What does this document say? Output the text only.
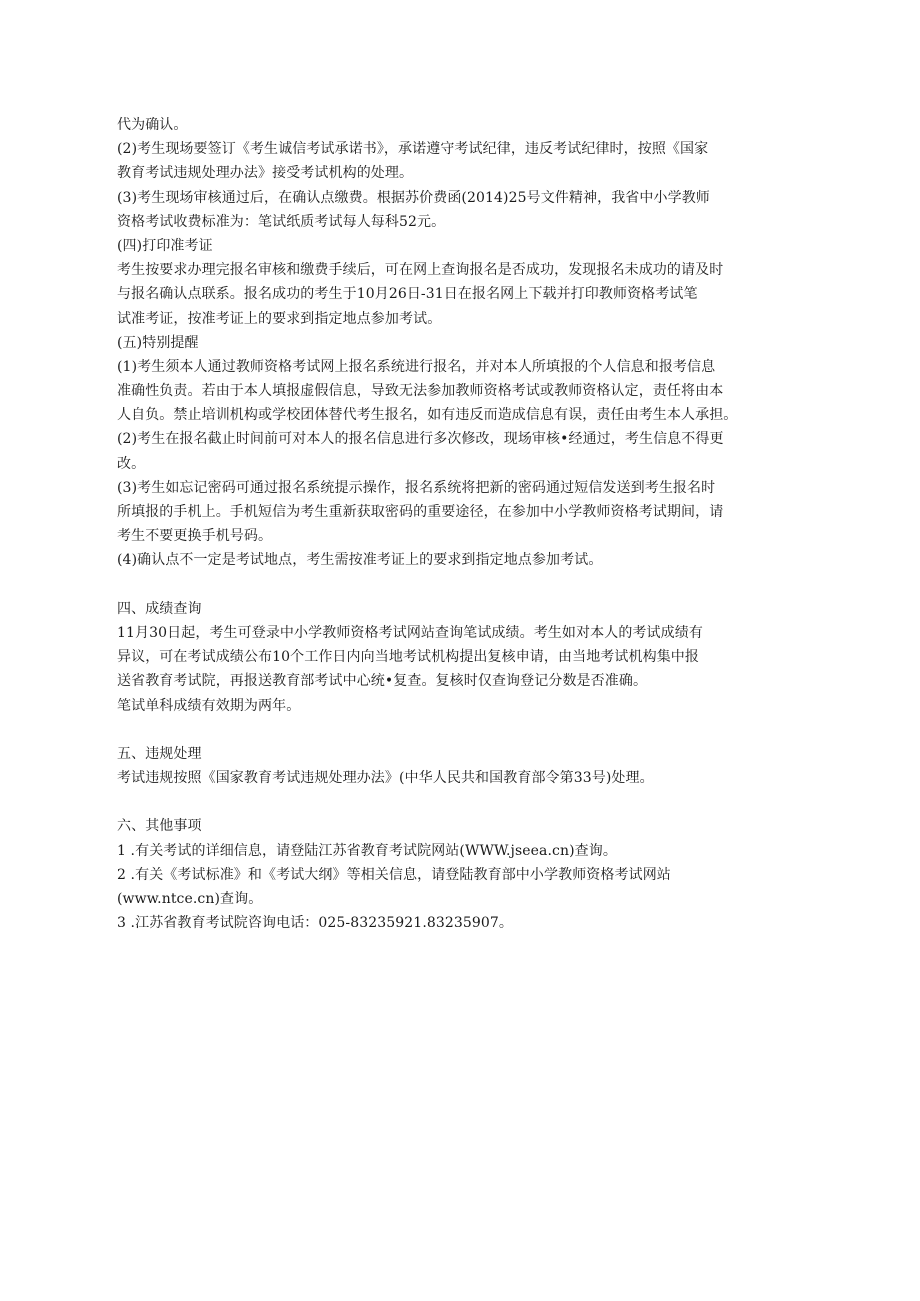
代为确认。
(2)考生现场要签订《考生诚信考试承诺书》，承诺遵守考试纪律，违反考试纪律时，按照《国家
教育考试违规处理办法》接受考试机构的处理。
(3)考生现场审核通过后，在确认点缴费。根据苏价费函(2014)25号文件精神，我省中小学教师
资格考试收费标准为：笔试纸质考试每人每科52元。
(四)打印准考证
考生按要求办理完报名审核和缴费手续后，可在网上查询报名是否成功，发现报名未成功的请及时
与报名确认点联系。报名成功的考生于10月26日-31日在报名网上下载并打印教师资格考试笔
试准考证，按准考证上的要求到指定地点参加考试。
(五)特别提醒
(1)考生须本人通过教师资格考试网上报名系统进行报名，并对本人所填报的个人信息和报考信息
准确性负责。若由于本人填报虚假信息，导致无法参加教师资格考试或教师资格认定，责任将由本
人自负。禁止培训机构或学校团体替代考生报名，如有违反而造成信息有误，责任由考生本人承担。
(2)考生在报名截止时间前可对本人的报名信息进行多次修改，现场审核•经通过，考生信息不得更
改。
(3)考生如忘记密码可通过报名系统提示操作，报名系统将把新的密码通过短信发送到考生报名时
所填报的手机上。手机短信为考生重新获取密码的重要途径，在参加中小学教师资格考试期间，请
考生不要更换手机号码。
(4)确认点不一定是考试地点，考生需按准考证上的要求到指定地点参加考试。
四、成绩查询
11月30日起，考生可登录中小学教师资格考试网站查询笔试成绩。考生如对本人的考试成绩有
异议，可在考试成绩公布10个工作日内向当地考试机构提出复核申请，由当地考试机构集中报
送省教育考试院，再报送教育部考试中心统•复查。复核时仅查询登记分数是否准确。
笔试单科成绩有效期为两年。
五、违规处理
考试违规按照《国家教育考试违规处理办法》(中华人民共和国教育部令第33号)处理。
六、其他事项
1 .有关考试的详细信息，请登陆江苏省教育考试院网站(WWW.jseea.cn)查询。
2 .有关《考试标准》和《考试大纲》等相关信息，请登陆教育部中小学教师资格考试网站
(www.ntce.cn)查询。
3 .江苏省教育考试院咨询电话：025-83235921.83235907。
